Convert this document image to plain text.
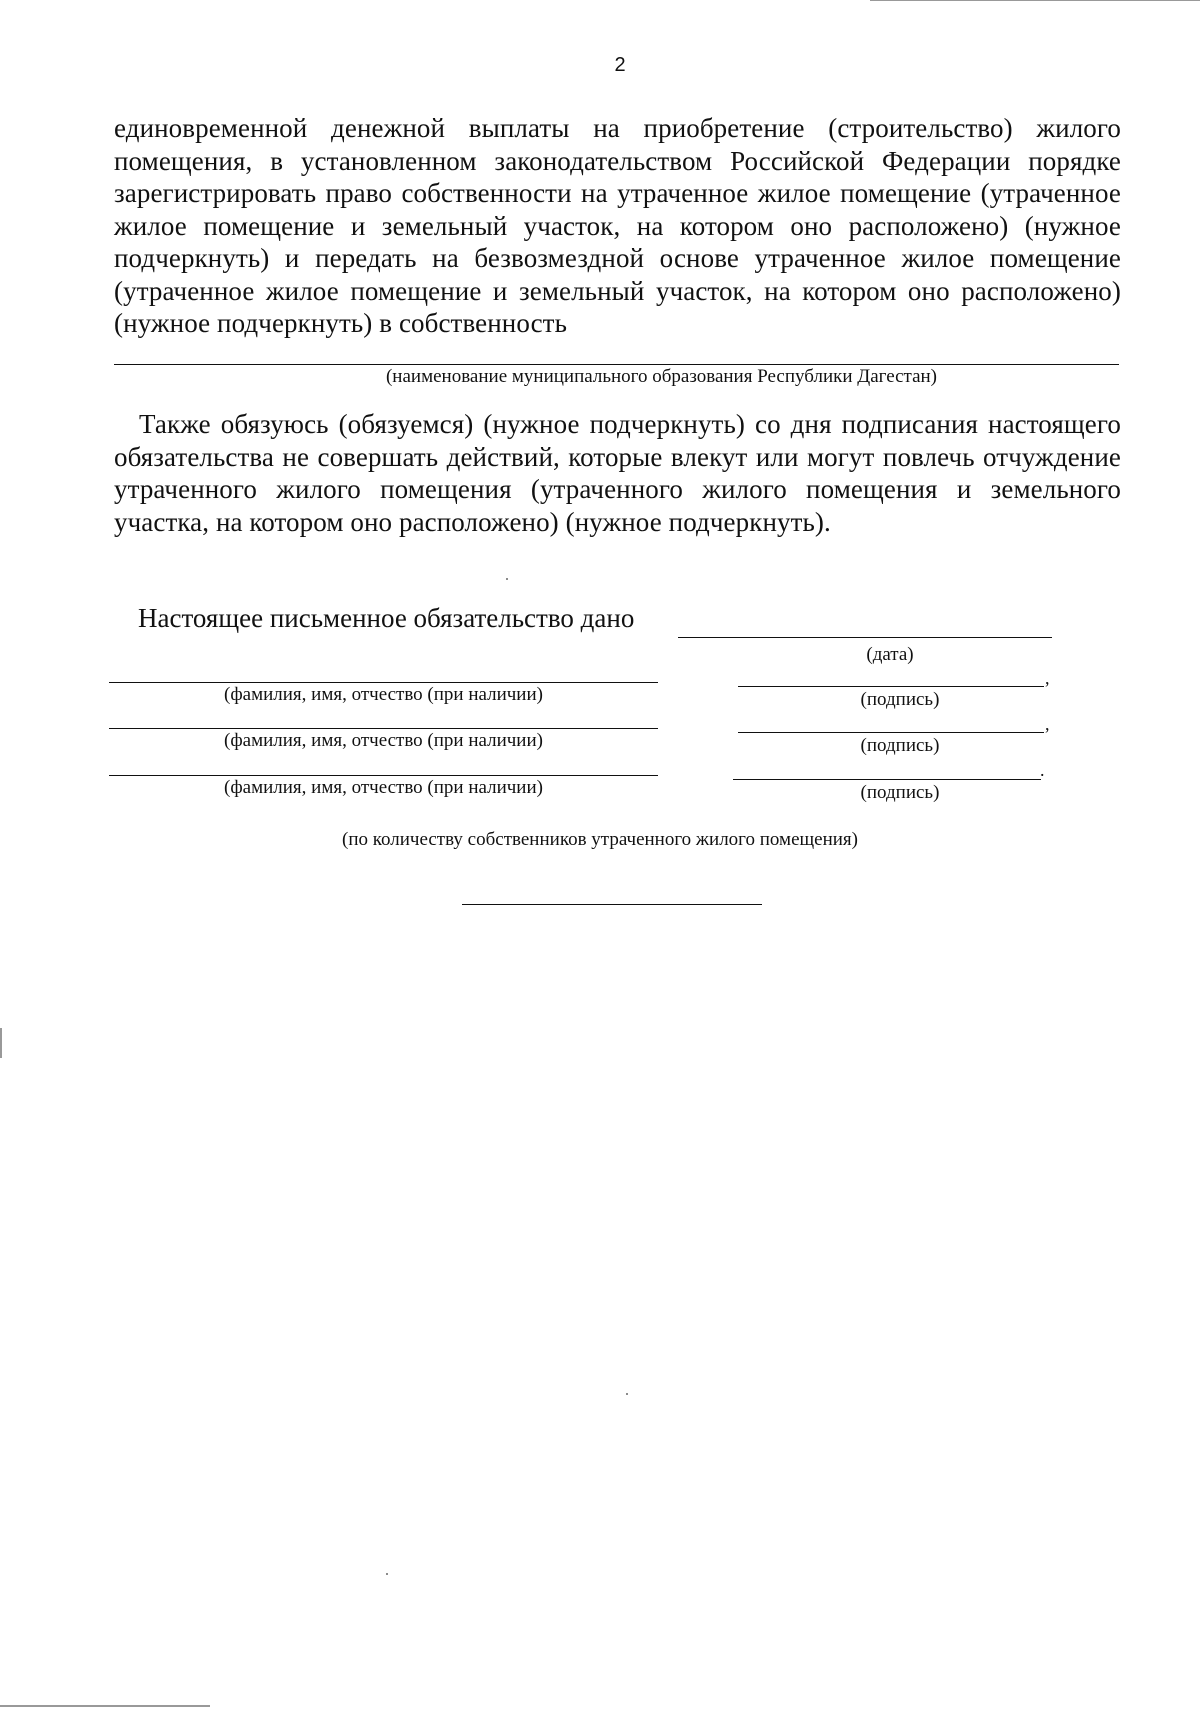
2
единовременной денежной выплаты на приобретение (строительство) жилого помещения, в установленном законодательством Российской Федерации порядке зарегистрировать право собственности на утраченное жилое помещение (утраченное жилое помещение и земельный участок, на котором оно расположено) (нужное подчеркнуть) и передать на безвозмездной основе утраченное жилое помещение (утраченное жилое помещение и земельный участок, на котором оно расположено) (нужное подчеркнуть) в собственность
(наименование муниципального образования Республики Дагестан)
Также обязуюсь (обязуемся) (нужное подчеркнуть) со дня подписания настоящего обязательства не совершать действий, которые влекут или могут повлечь отчуждение утраченного жилого помещения (утраченного жилого помещения и земельного участка, на котором оно расположено) (нужное подчеркнуть).
Настоящее письменное обязательство дано
(дата)
(фамилия, имя, отчество (при наличии)
,
(подпись)
(фамилия, имя, отчество (при наличии)
,
(подпись)
(фамилия, имя, отчество (при наличии)
.
(подпись)
(по количеству собственников утраченного жилого помещения)
